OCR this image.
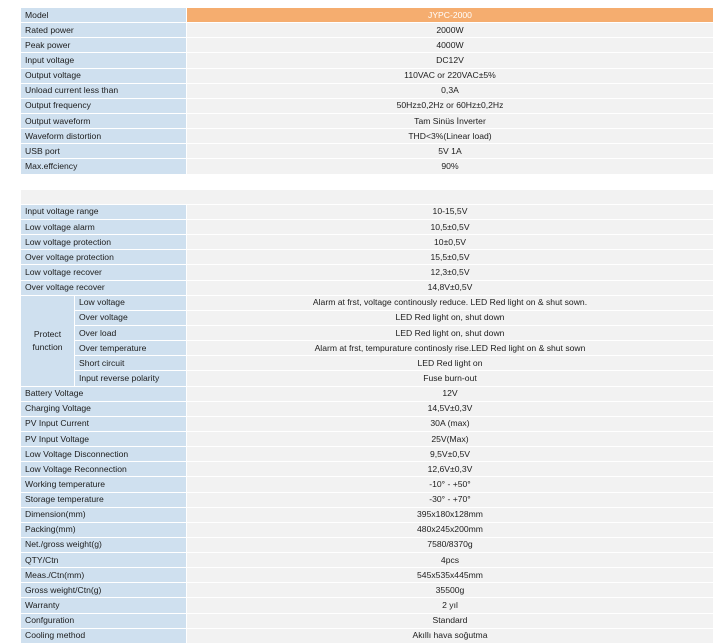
Model		JYPC-2000
Rated power		2000W
Peak power		4000W
Input voltage		DC12V
Output voltage		110VAC or 220VAC±5%
Unload current less than		0,3A
Output frequency		50Hz±0,2Hz or 60Hz±0,2Hz
Output waveform		Tam Sinüs İnverter
Waveform distortion		THD<3%(Linear load)
USB port		5V 1A
Max.effciency		90%

Input voltage range		10-15,5V
Low voltage alarm		10,5±0,5V
Low voltage protection		10±0,5V
Over voltage protection		15,5±0,5V
Low voltage recover		12,3±0,5V
Over voltage recover		14,8V±0,5V
Protect function	Low voltage	Alarm at frst, voltage continously reduce. LED Red light on & shut sown.
	Over voltage	LED Red light on, shut down
	Over load	LED Red light on, shut down
	Over temperature	Alarm at frst, tempurature continosly rise.LED Red light on & shut sown
	Short circuit	LED Red light on
	Input reverse polarity	Fuse burn-out
Battery Voltage		12V
Charging Voltage		14,5V±0,3V
PV Input Current		30A (max)
PV Input Voltage		25V(Max)
Low Voltage Disconnection		9,5V±0,5V
Low Voltage Reconnection		12,6V±0,3V
Working temperature		-10° - +50°
Storage temperature		-30° - +70°
Dimension(mm)		395x180x128mm
Packing(mm)		480x245x200mm
Net./gross weight(g)		7580/8370g
QTY/Ctn		4pcs
Meas./Ctn(mm)		545x535x445mm
Gross weight/Ctn(g)		35500g
Warranty		2 yıl
Confguration		Standard
Cooling method		Akıllı hava soğutma
